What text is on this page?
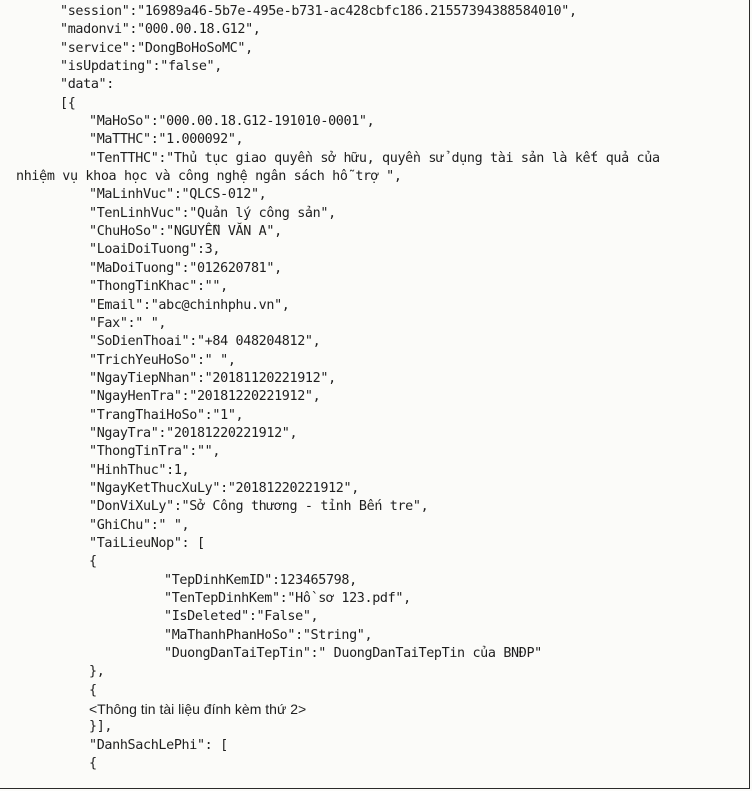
"session":"16989a46-5b7e-495e-b731-ac428cbfc186.21557394388584010",
"madonvi":"000.00.18.G12",
"service":"DongBoHoSoMC",
"isUpdating":"false",
"data":
[{
"MaHoSo":"000.00.18.G12-191010-0001",
"MaTTHC":"1.000092",
"TenTTHC":"Thủ tục giao quyền sở hữu, quyền sử dụng tài sản là kết quả của
nhiệm vụ khoa học và công nghệ ngân sách hỗ trợ ",
"MaLinhVuc":"QLCS-012",
"TenLinhVuc":"Quản lý công sản",
"ChuHoSo":"NGUYỄN VĂN A",
"LoaiDoiTuong":3,
"MaDoiTuong":"012620781",
"ThongTinKhac":"",
"Email":"abc@chinhphu.vn",
"Fax":" ",
"SoDienThoai":"+84 048204812",
"TrichYeuHoSo":" ",
"NgayTiepNhan":"20181120221912",
"NgayHenTra":"20181220221912",
"TrangThaiHoSo":"1",
"NgayTra":"20181220221912",
"ThongTinTra":"",
"HinhThuc":1,
"NgayKetThucXuLy":"20181220221912",
"DonViXuLy":"Sở Công thương - tỉnh Bến tre",
"GhiChu":" ",
"TaiLieuNop": [
{
"TepDinhKemID":123465798,
"TenTepDinhKem":"Hồ sơ 123.pdf",
"IsDeleted":"False",
"MaThanhPhanHoSo":"String",
"DuongDanTaiTepTin":" DuongDanTaiTepTin của BNĐP"
},
{
<Thông tin tài liệu đính kèm thứ 2>
}],
"DanhSachLePhi": [
{
